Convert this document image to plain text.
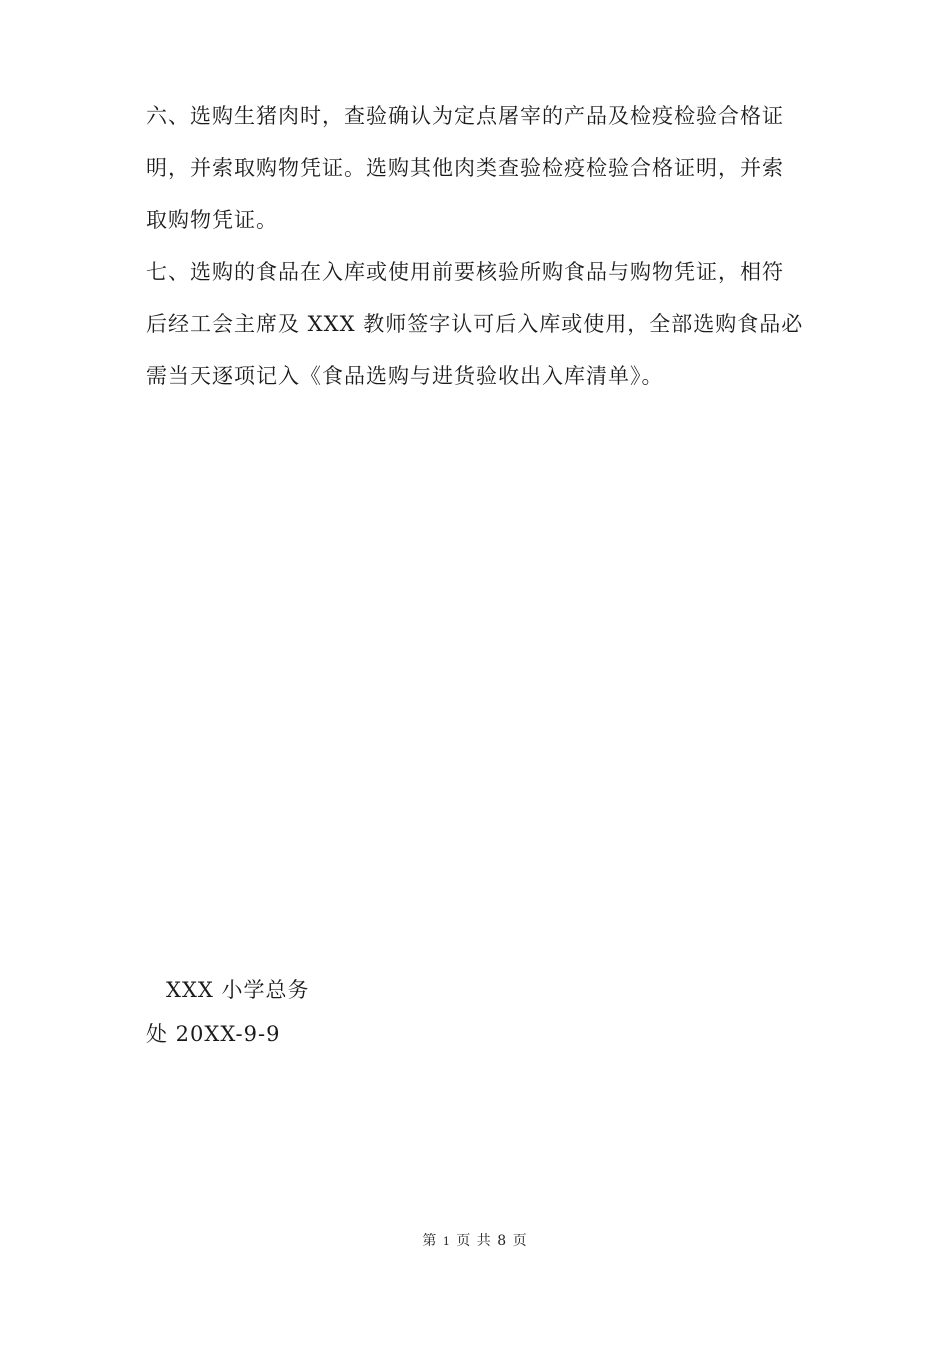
六、选购生猪肉时，查验确认为定点屠宰的产品及检疫检验合格证
明，并索取购物凭证。选购其他肉类查验检疫检验合格证明，并索
取购物凭证。

七、选购的食品在入库或使用前要核验所购食品与购物凭证，相符
后经工会主席及 XXX 教师签字认可后入库或使用，全部选购食品必
需当天逐项记入《食品选购与进货验收出入库清单》。

XXX 小学总务
处 20XX-9-9
第 1 页 共 8 页
